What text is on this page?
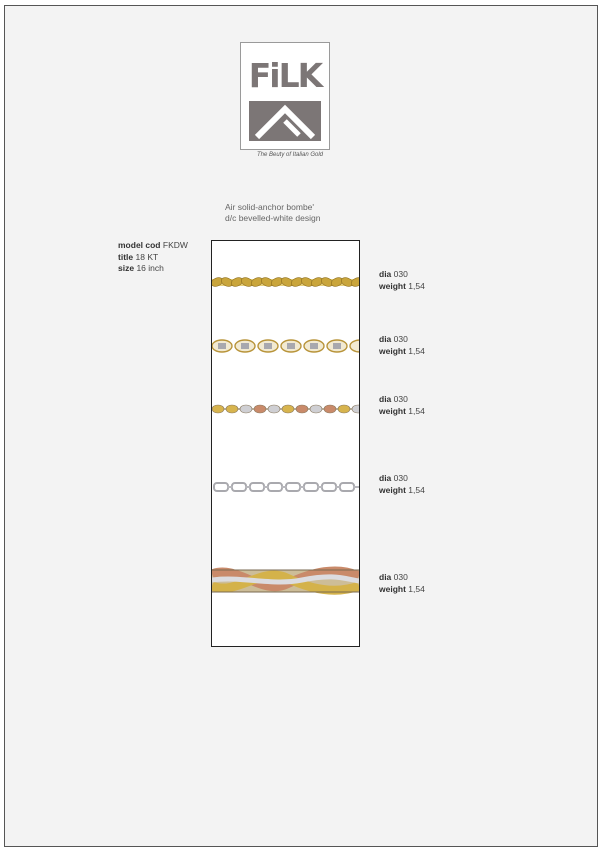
FiLK
The Beuty of Italian Gold
Air solid-anchor bombe'
d/c bevelled-white design
model cod FKDW
title 18 KT
size 16 inch
dia 030
weight 1,54
dia 030
weight 1,54
dia 030
weight 1,54
dia 030
weight 1,54
dia 030
weight 1,54
